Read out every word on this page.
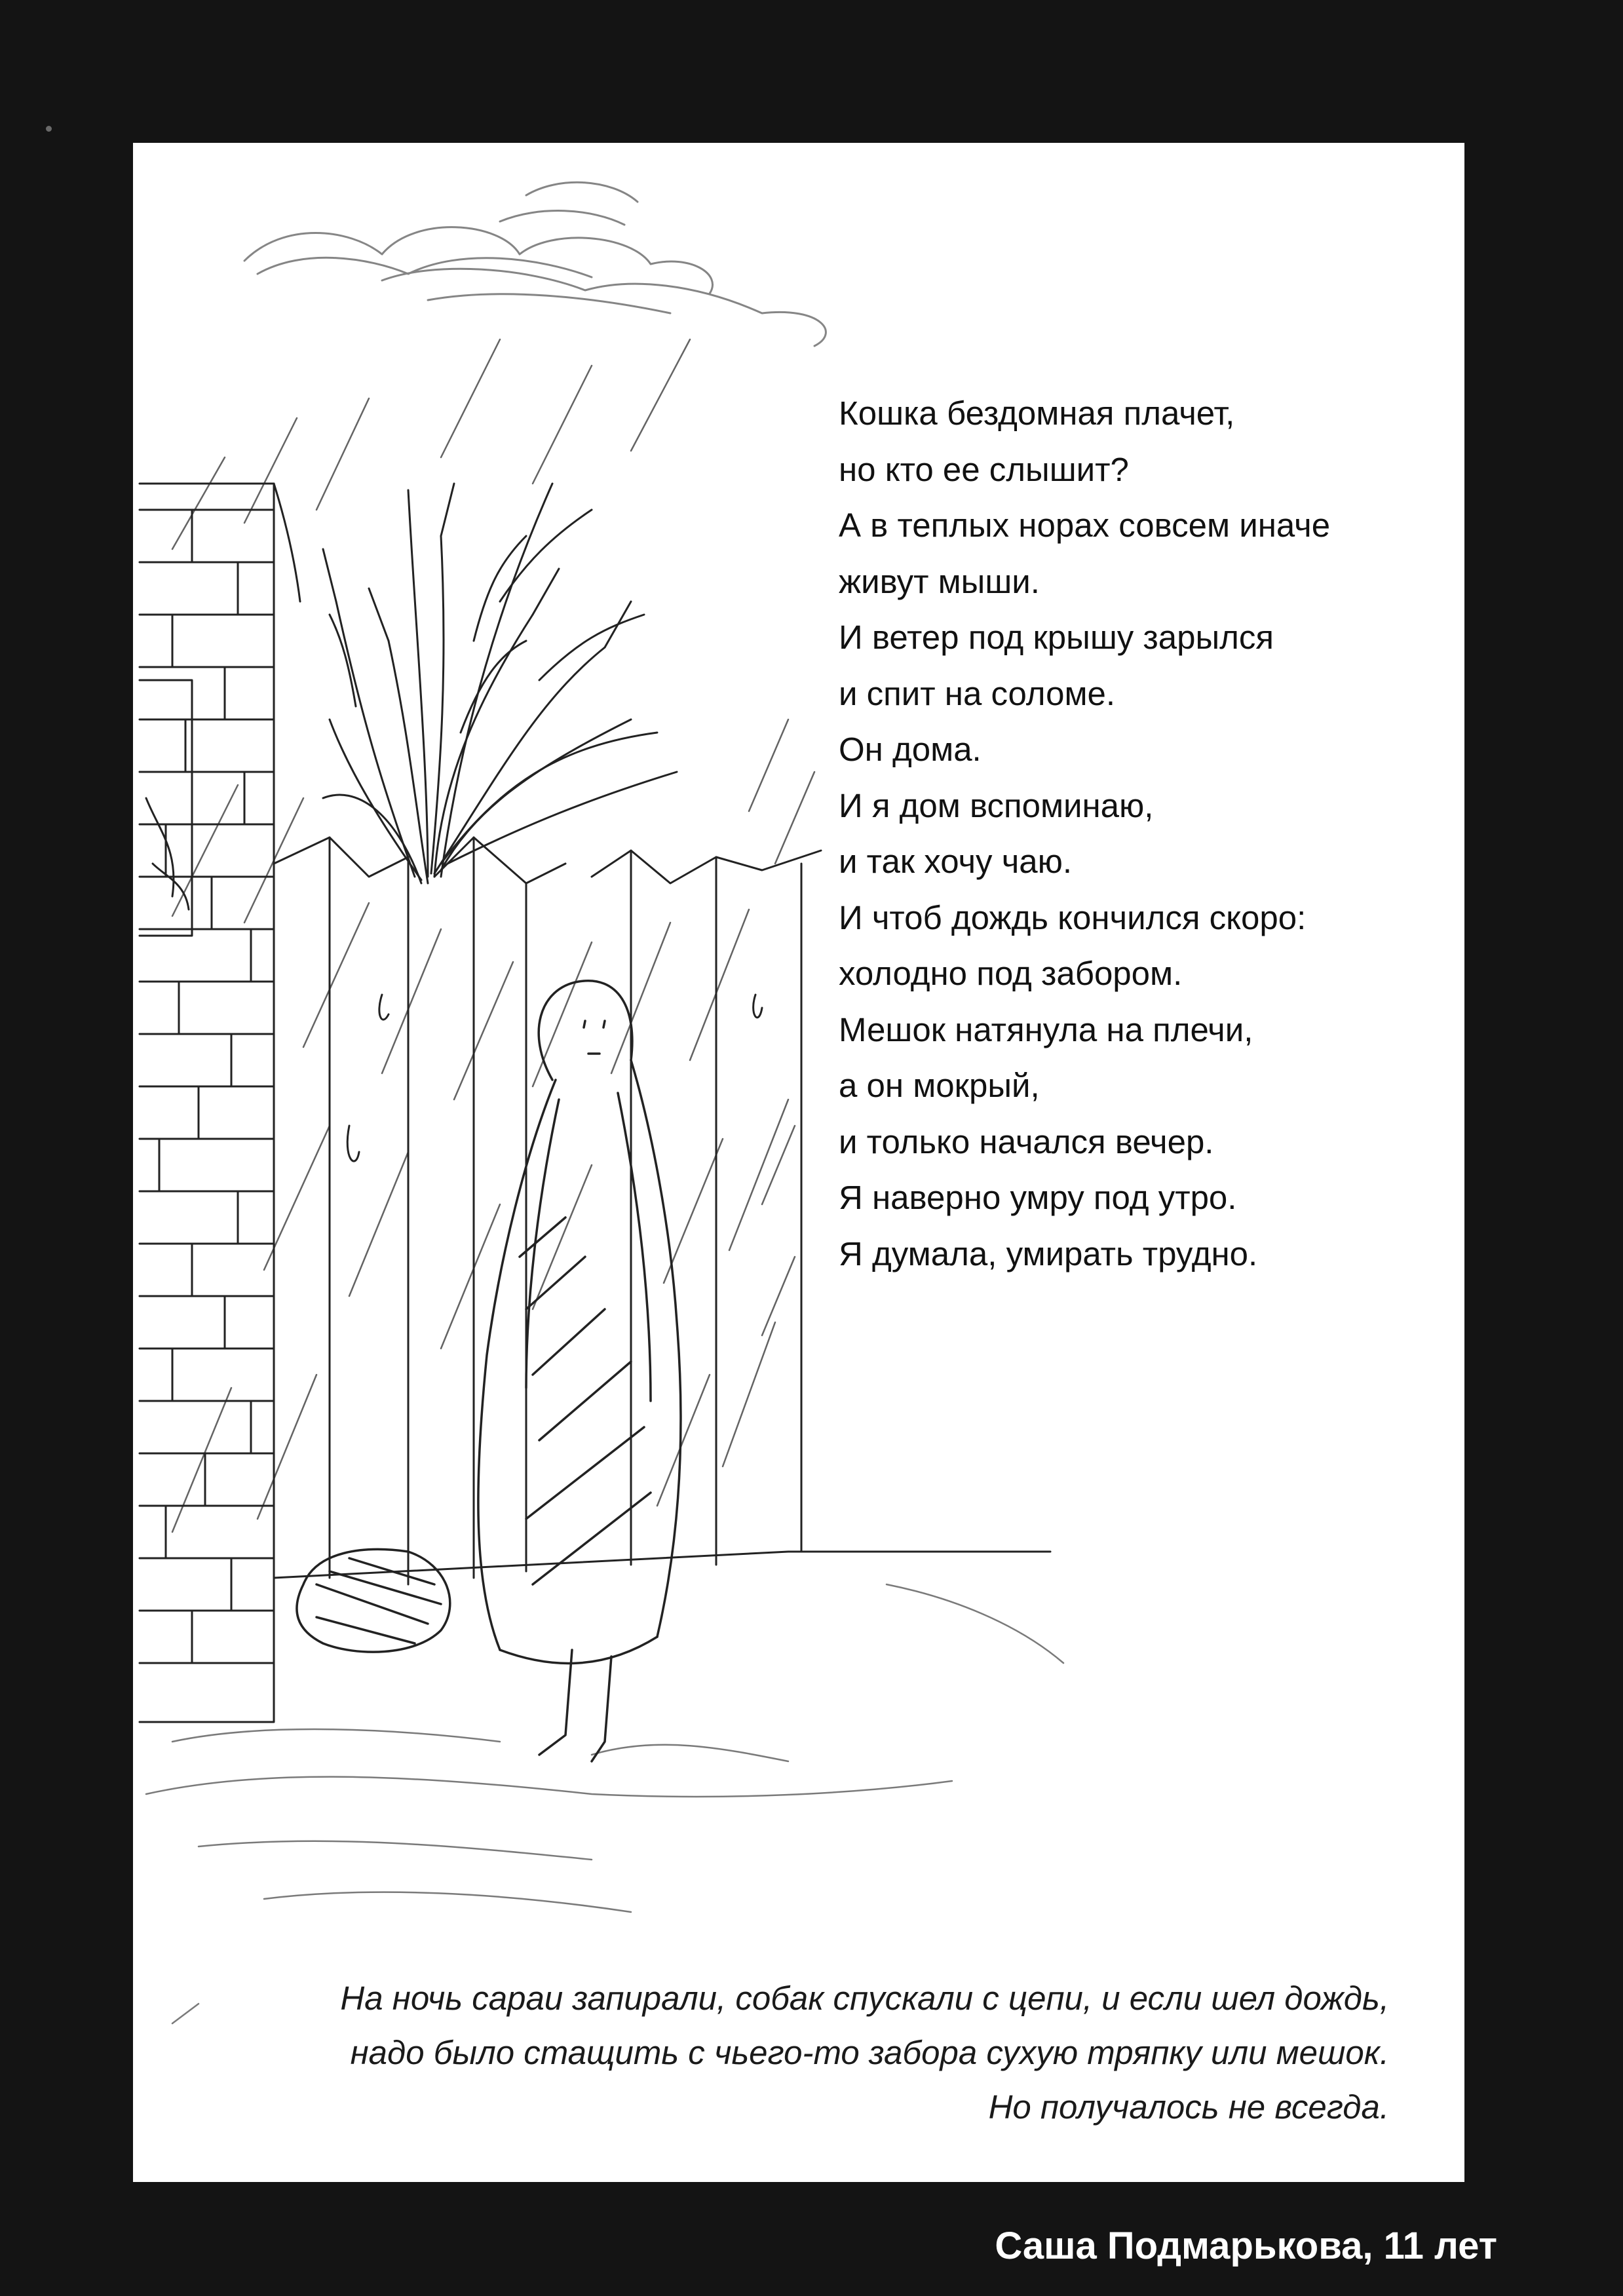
Кошка бездомная плачет,
но кто ее слышит?
А в теплых норах совсем иначе
живут мыши.
И ветер под крышу зарылся
и спит на соломе.
Он дома.
И я дом вспоминаю,
и так хочу чаю.
И чтоб дождь кончился скоро:
холодно под забором.
Мешок натянула на плечи,
а он мокрый,
и только начался вечер.
Я наверно умру под утро.
Я думала, умирать трудно.
На ночь сараи запирали, собак спускали с цепи, и если шел дождь,
надо было стащить с чьего-то забора сухую тряпку или мешок.
Но получалось не всегда.
Саша Подмарькова, 11 лет
